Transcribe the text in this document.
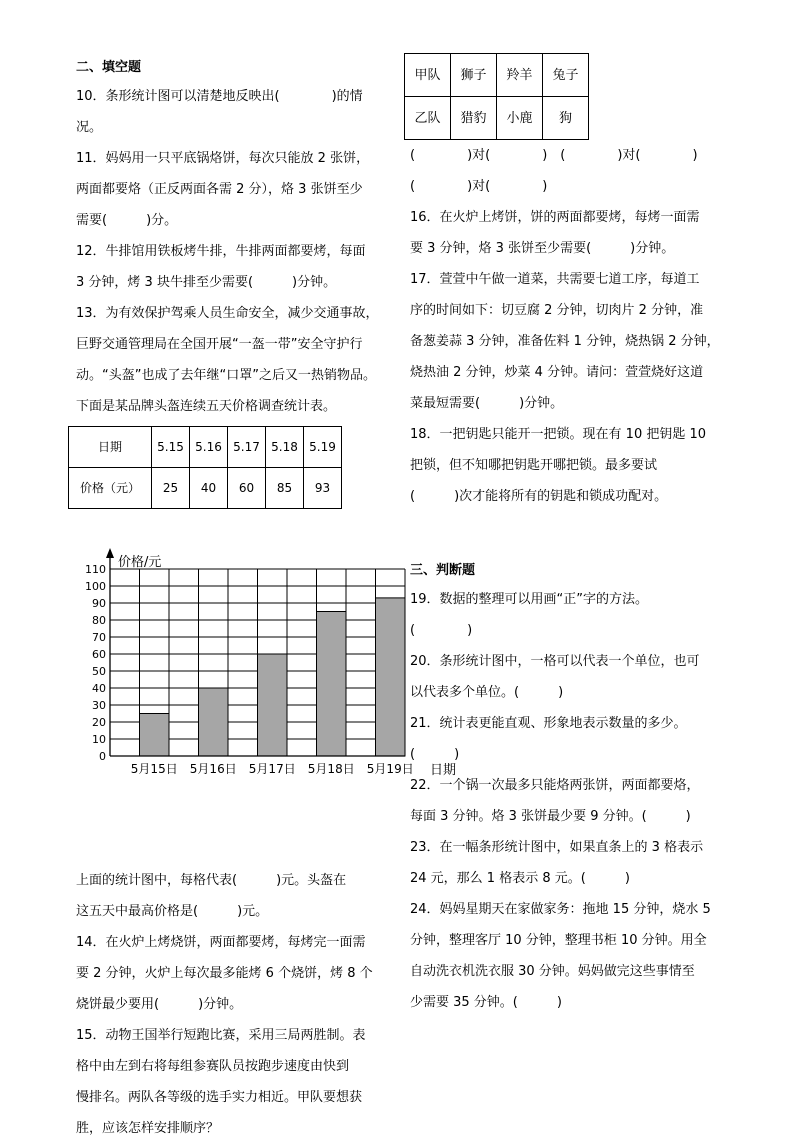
二、填空题

10．条形统计图可以清楚地反映出(　　　　)的情

况。

11．妈妈用一只平底锅烙饼，每次只能放 2 张饼，

两面都要烙（正反两面各需 2 分），烙 3 张饼至少

需要(　　　)分。

12．牛排馆用铁板烤牛排，牛排两面都要烤，每面

3 分钟，烤 3 块牛排至少需要(　　　)分钟。

13．为有效保护驾乘人员生命安全，减少交通事故，

巨野交通管理局在全国开展“一盔一带”安全守护行

动。“头盔”也成了去年继“口罩”之后又一热销物品。

下面是某品牌头盔连续五天价格调查统计表。

日期	5.15	5.16	5.17	5.18	5.19
价格（元）	25	40	60	85	93

上面的统计图中，每格代表(　　　)元。头盔在

这五天中最高价格是(　　　)元。

14．在火炉上烤烧饼，两面都要烤，每烤完一面需

要 2 分钟，火炉上每次最多能烤 6 个烧饼，烤 8 个

烧饼最少要用(　　　)分钟。

15．动物王国举行短跑比赛，采用三局两胜制。表

格中由左到右将每组参赛队员按跑步速度由快到

慢排名。两队各等级的选手实力相近。甲队要想获

胜，应该怎样安排顺序？

0
10
20
30
40
50
60
70
80
90
100
110
5月15日 5月16日 5月17日 5月18日 5月19日
价格/元
日期
甲队	狮子	羚羊	兔子
乙队	猎豹	小鹿	狗

(　　　　)对(　　　　)　(　　　　)对(　　　　)

(　　　　)对(　　　　)

16．在火炉上烤饼，饼的两面都要烤，每烤一面需

要 3 分钟，烙 3 张饼至少需要(　　　)分钟。

17．萱萱中午做一道菜，共需要七道工序，每道工

序的时间如下：切豆腐 2 分钟，切肉片 2 分钟，准

备葱姜蒜 3 分钟，准备佐料 1 分钟，烧热锅 2 分钟，

烧热油 2 分钟，炒菜 4 分钟。请问：萱萱烧好这道

菜最短需要(　　　)分钟。

18．一把钥匙只能开一把锁。现在有 10 把钥匙 10

把锁，但不知哪把钥匙开哪把锁。最多要试

(　　　)次才能将所有的钥匙和锁成功配对。

三、判断题

19．数据的整理可以用画“正”字的方法。

(　　　　)

20．条形统计图中，一格可以代表一个单位，也可

以代表多个单位。(　　　)

21．统计表更能直观、形象地表示数量的多少。

(　　　)

22．一个锅一次最多只能烙两张饼，两面都要烙，

每面 3 分钟。烙 3 张饼最少要 9 分钟。(　　　)

23．在一幅条形统计图中，如果直条上的 3 格表示

24 元，那么 1 格表示 8 元。(　　　)

24．妈妈星期天在家做家务：拖地 15 分钟，烧水 5

分钟，整理客厅 10 分钟，整理书柜 10 分钟。用全

自动洗衣机洗衣服 30 分钟。妈妈做完这些事情至

少需要 35 分钟。(　　　)
